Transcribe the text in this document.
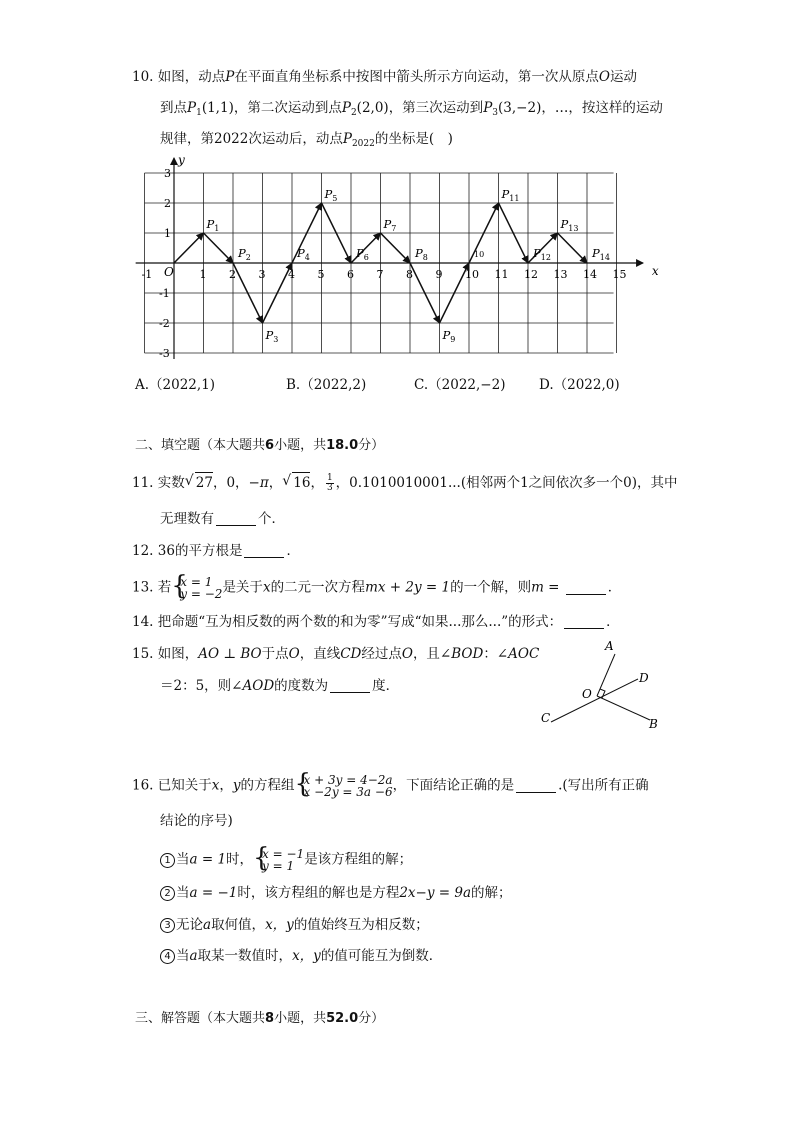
10. 如图，动点P在平面直角坐标系中按图中箭头所示方向运动，第一次从原点O运动
到点$P_1(1,1)$，第二次运动到点$P_2(2,0)$，第三次运动到$P_3(3,-2)$，…，按这样的运动
规律，第2022次运动后，动点$P_{2022}$的坐标是(　)
x
y
O
-1	1 2 3 4 5 6 7 8 9 10 11 12 13 14 15
3
2
1
-1
-2
-3
$P_1$
$P_2$
$P_3$
$P_4$
$P_5$
$P_6$
$P_7$
$P_8$
$P_9$
10
$P_{11}$
$P_{12}$
$P_{13}$
$P_{14}$
A.（2022,1)	B.（2022,2)	C.（2022,−2) D.（2022,0)
二、填空题（本大题共6小题，共18.0分）
11. 实数 √ 27，0，−π， √ 16， $\frac{1}{3}$ ，0.1010010001...(相邻两个1之间依次多一个0)，其中
无理数有	个．
12. 36的平方根是	．
13. 若 { x = 1
y = −2 是关于x的二元一次方程mx + 2y = 1的一个解，则m =	．
14. 把命题“互为相反数的两个数的和为零”写成“如果...那么...”的形式：	．
15. 如图，AO ⊥ BO于点O，直线CD经过点O，且∠BOD：∠AOC
＝2：5，则∠AOD的度数为	度．
A
B
C
D
O
16. 已知关于x，y的方程组 { x + 3y = 4−2a
x −2y = 3a −6 ，下面结论正确的是	.(写出所有正确
结论的序号)
1 当a = 1时， { x = −1
y = 1 是该方程组的解；
2 当a = −1时，该方程组的解也是方程2x−y = 9a的解；
3 无论a取何值，x，y的值始终互为相反数；
4 当a取某一数值时，x，y的值可能互为倒数．
三、解答题（本大题共8小题，共52.0分）
